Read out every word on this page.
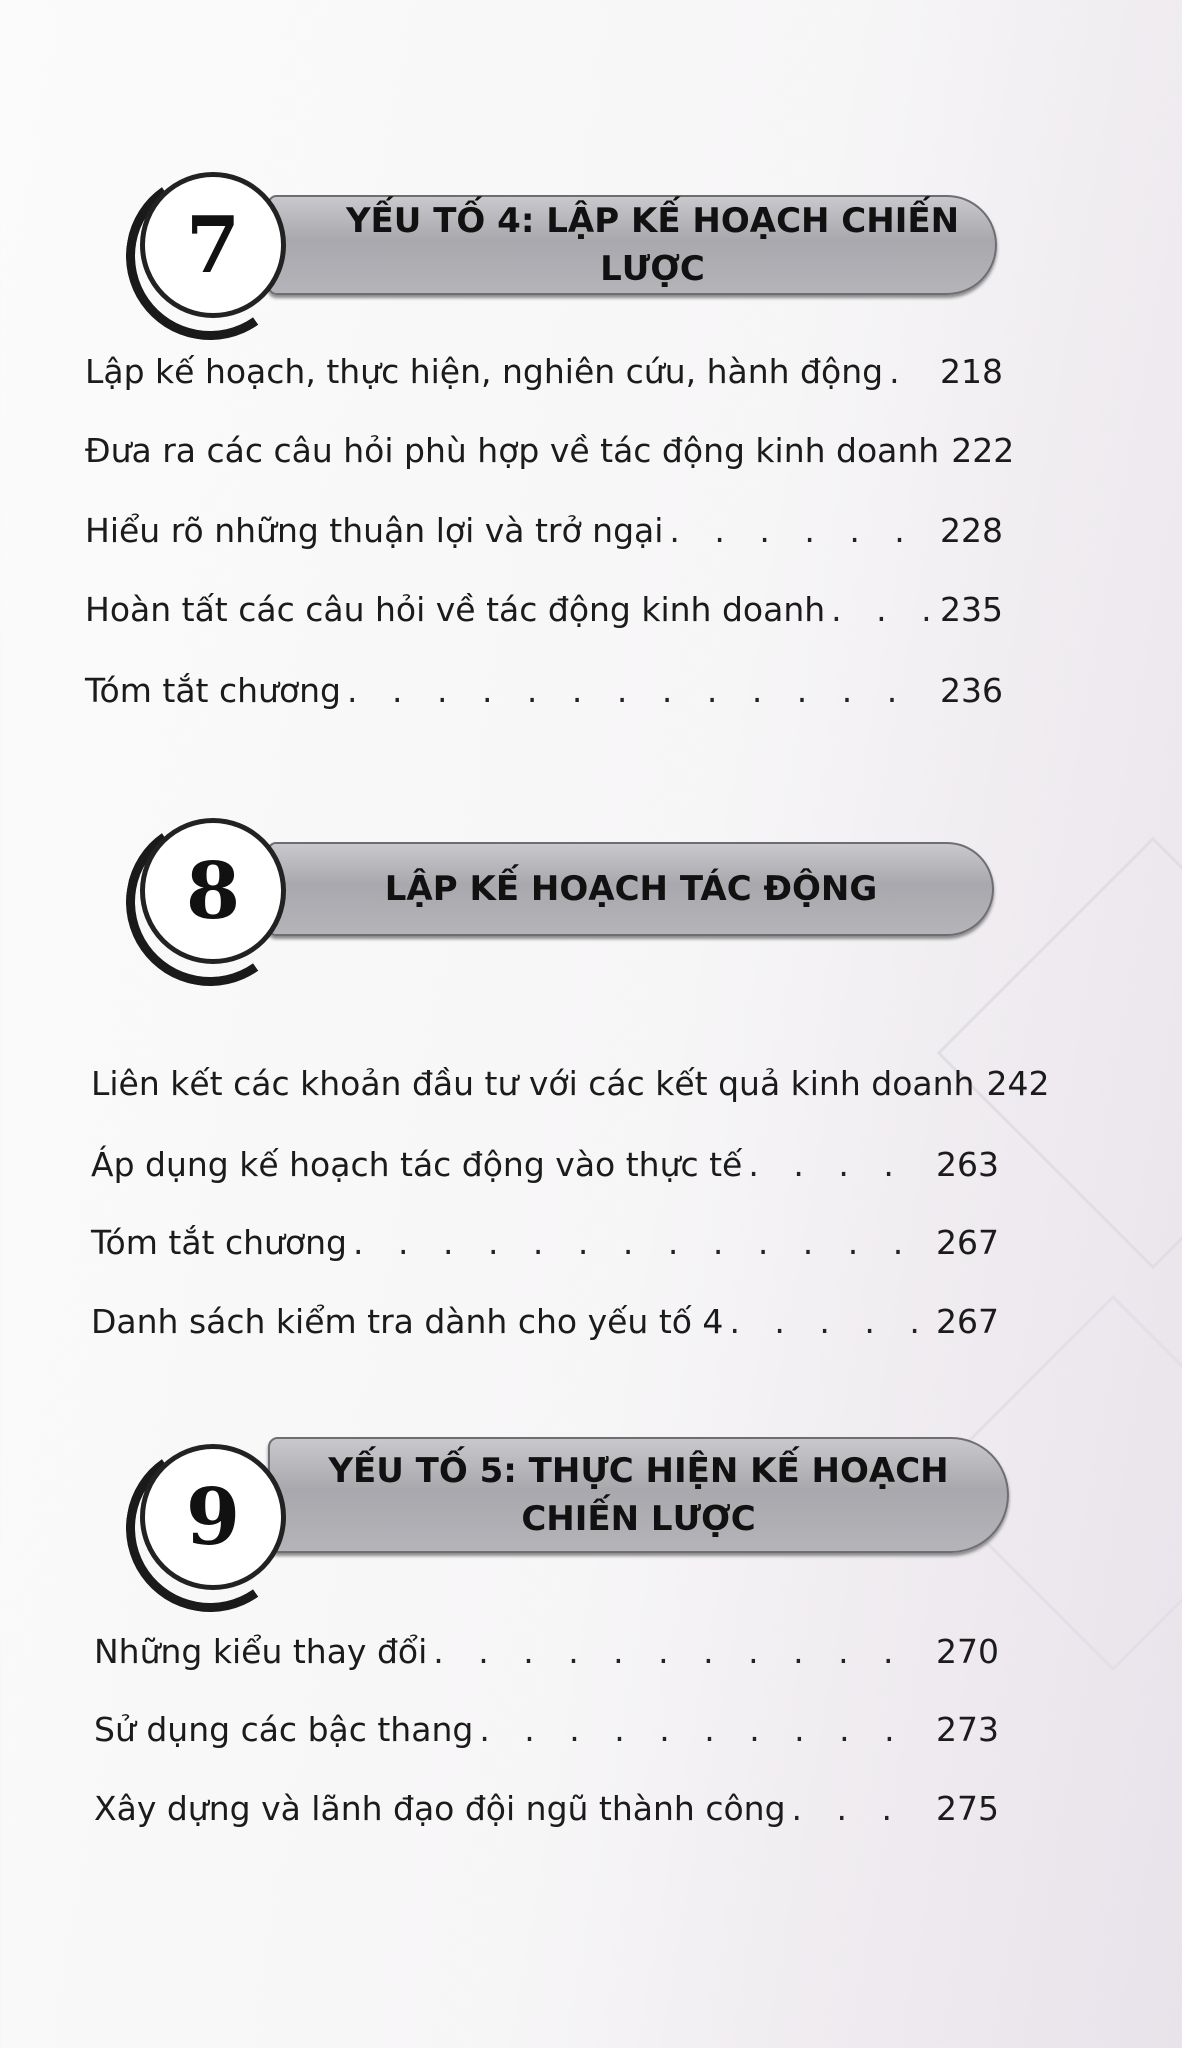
7	YẾU TỐ 4: LẬP KẾ HOẠCH CHIẾN LƯỢC
Lập kế hoạch, thực hiện, nghiên cứu, hành động . . . 218
Đưa ra các câu hỏi phù hợp về tác động kinh doanh 222
Hiểu rõ những thuận lợi và trở ngại . . .	228
Hoàn tất các câu hỏi về tác động kinh doanh . . .	235
Tóm tắt chương . . .	236
8	LẬP KẾ HOẠCH TÁC ĐỘNG
Liên kết các khoản đầu tư với các kết quả kinh doanh 242
Áp dụng kế hoạch tác động vào thực tế . . .	263
Tóm tắt chương . . .	267
Danh sách kiểm tra dành cho yếu tố 4 . . .	267
9
YẾU TỐ 5: THỰC HIỆN KẾ HOẠCH
CHIẾN LƯỢC
Những kiểu thay đổi . . .	270
Sử dụng các bậc thang . . .	273
Xây dựng và lãnh đạo đội ngũ thành công . . .	275
